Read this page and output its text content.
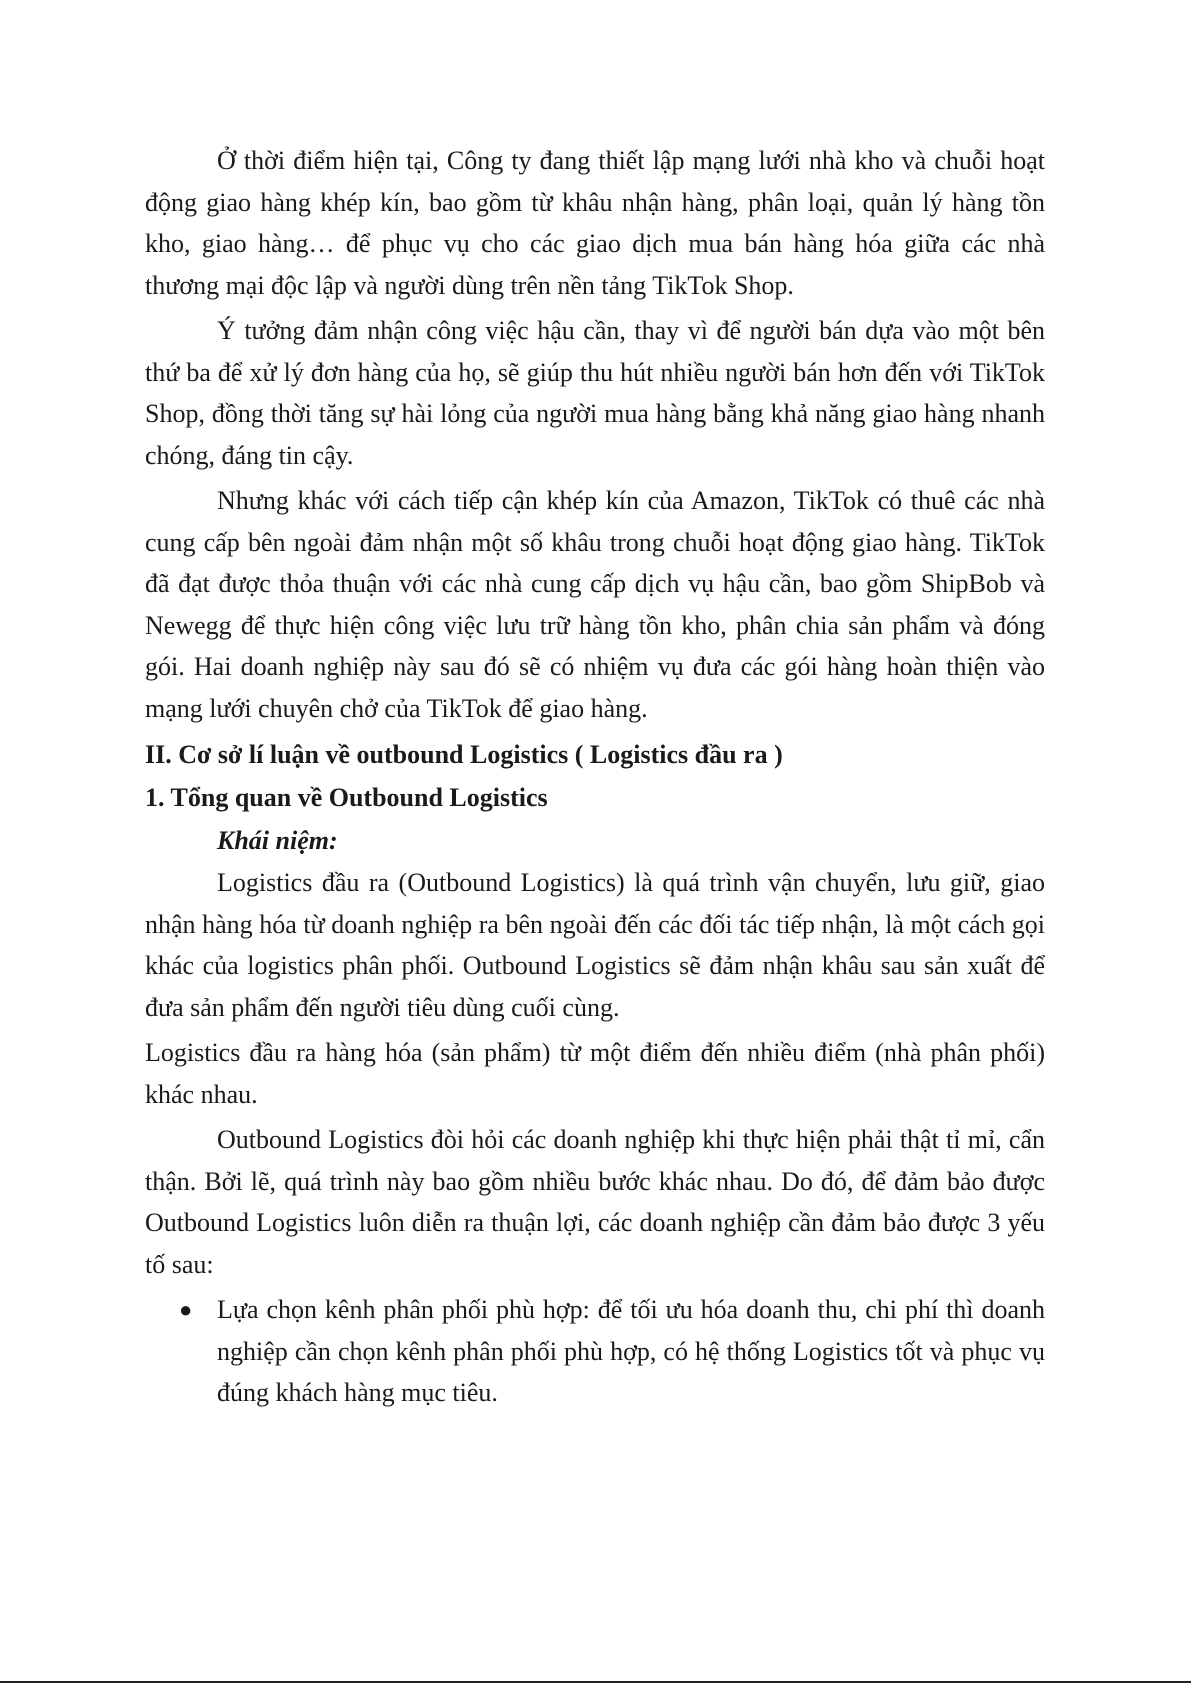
Ở thời điểm hiện tại, Công ty đang thiết lập mạng lưới nhà kho và chuỗi hoạt động giao hàng khép kín, bao gồm từ khâu nhận hàng, phân loại, quản lý hàng tồn kho, giao hàng… để phục vụ cho các giao dịch mua bán hàng hóa giữa các nhà thương mại độc lập và người dùng trên nền tảng TikTok Shop.

Ý tưởng đảm nhận công việc hậu cần, thay vì để người bán dựa vào một bên thứ ba để xử lý đơn hàng của họ, sẽ giúp thu hút nhiều người bán hơn đến với TikTok Shop, đồng thời tăng sự hài lỏng của người mua hàng bằng khả năng giao hàng nhanh chóng, đáng tin cậy.

Nhưng khác với cách tiếp cận khép kín của Amazon, TikTok có thuê các nhà cung cấp bên ngoài đảm nhận một số khâu trong chuỗi hoạt động giao hàng. TikTok đã đạt được thỏa thuận với các nhà cung cấp dịch vụ hậu cần, bao gồm ShipBob và Newegg để thực hiện công việc lưu trữ hàng tồn kho, phân chia sản phẩm và đóng gói. Hai doanh nghiệp này sau đó sẽ có nhiệm vụ đưa các gói hàng hoàn thiện vào mạng lưới chuyên chở của TikTok để giao hàng.

II. Cơ sở lí luận về outbound Logistics ( Logistics đầu ra )

1. Tổng quan về Outbound Logistics

Khái niệm:

Logistics đầu ra (Outbound Logistics) là quá trình vận chuyển, lưu giữ, giao nhận hàng hóa từ doanh nghiệp ra bên ngoài đến các đối tác tiếp nhận, là một cách gọi khác của logistics phân phối. Outbound Logistics sẽ đảm nhận khâu sau sản xuất để đưa sản phẩm đến người tiêu dùng cuối cùng.

Logistics đầu ra hàng hóa (sản phẩm) từ một điểm đến nhiều điểm (nhà phân phối) khác nhau.

Outbound Logistics đòi hỏi các doanh nghiệp khi thực hiện phải thật tỉ mỉ, cẩn thận. Bởi lẽ, quá trình này bao gồm nhiều bước khác nhau. Do đó, để đảm bảo được Outbound Logistics luôn diễn ra thuận lợi, các doanh nghiệp cần đảm bảo được 3 yếu tố sau:

● Lựa chọn kênh phân phối phù hợp: để tối ưu hóa doanh thu, chi phí thì doanh nghiệp cần chọn kênh phân phối phù hợp, có hệ thống Logistics tốt và phục vụ đúng khách hàng mục tiêu.
